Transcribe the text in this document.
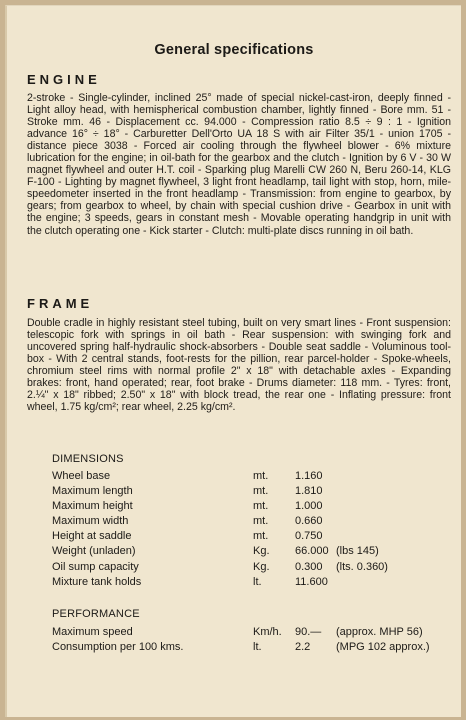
General specifications
ENGINE

2-stroke - Single-cylinder, inclined 25° made of special nickel-cast-iron, deeply finned - Light alloy head, with hemispherical combustion chamber, lightly finned - Bore mm. 51 - Stroke mm. 46 - Displacement cc. 94.000 - Compression ratio 8.5 ÷ 9 : 1 - Ignition advance 16° ÷ 18° - Carburetter Dell'Orto UA 18 S with air Filter 35/1 - union 1705 - distance piece 3038 - Forced air cooling through the flywheel blower - 6% mixture lubrication for the engine; in oil-bath for the gearbox and the clutch - Ignition by 6 V - 30 W magnet flywheel and outer H.T. coil - Sparking plug Marelli CW 260 N, Beru 260-14, KLG F-100 - Lighting by magnet flywheel, 3 light front headlamp, tail light with stop, horn, mile-speedometer inserted in the front headlamp - Transmission: from engine to gearbox, by gears; from gearbox to wheel, by chain with special cushion drive - Gearbox in unit with the engine; 3 speeds, gears in constant mesh - Movable operating handgrip in unit with the clutch operating one - Kick starter - Clutch: multi-plate discs running in oil bath.

FRAME

Double cradle in highly resistant steel tubing, built on very smart lines - Front suspension: telescopic fork with springs in oil bath - Rear suspension: with swinging fork and uncovered spring half-hydraulic shock-absorbers - Double seat saddle - Voluminous tool-box - With 2 central stands, foot-rests for the pillion, rear parcel-holder - Spoke-wheels, chromium steel rims with normal profile 2" x 18" with detachable axles - Expanding brakes: front, hand operated; rear, foot brake - Drums diameter: 118 mm. - Tyres: front, 2.¼" x 18" ribbed; 2.50" x 18" with block tread, the rear one - Inflating pressure: front wheel, 1.75 kg/cm²; rear wheel, 2.25 kg/cm².

DIMENSIONS
Wheel base	mt.	1.160	
Maximum length	mt.	1.810	
Maximum height	mt.	1.000	
Maximum width	mt.	0.660	
Height at saddle	mt.	0.750	
Weight (unladen)	Kg.	66.000	(lbs 145)
Oil sump capacity	Kg.	0.300	(lts. 0.360)
Mixture tank holds	lt.	11.600	
PERFORMANCE
Maximum speed	Km/h.	90.—	(approx. MHP 56)
Consumption per 100 kms.	lt.	2.2	(MPG 102 approx.)
